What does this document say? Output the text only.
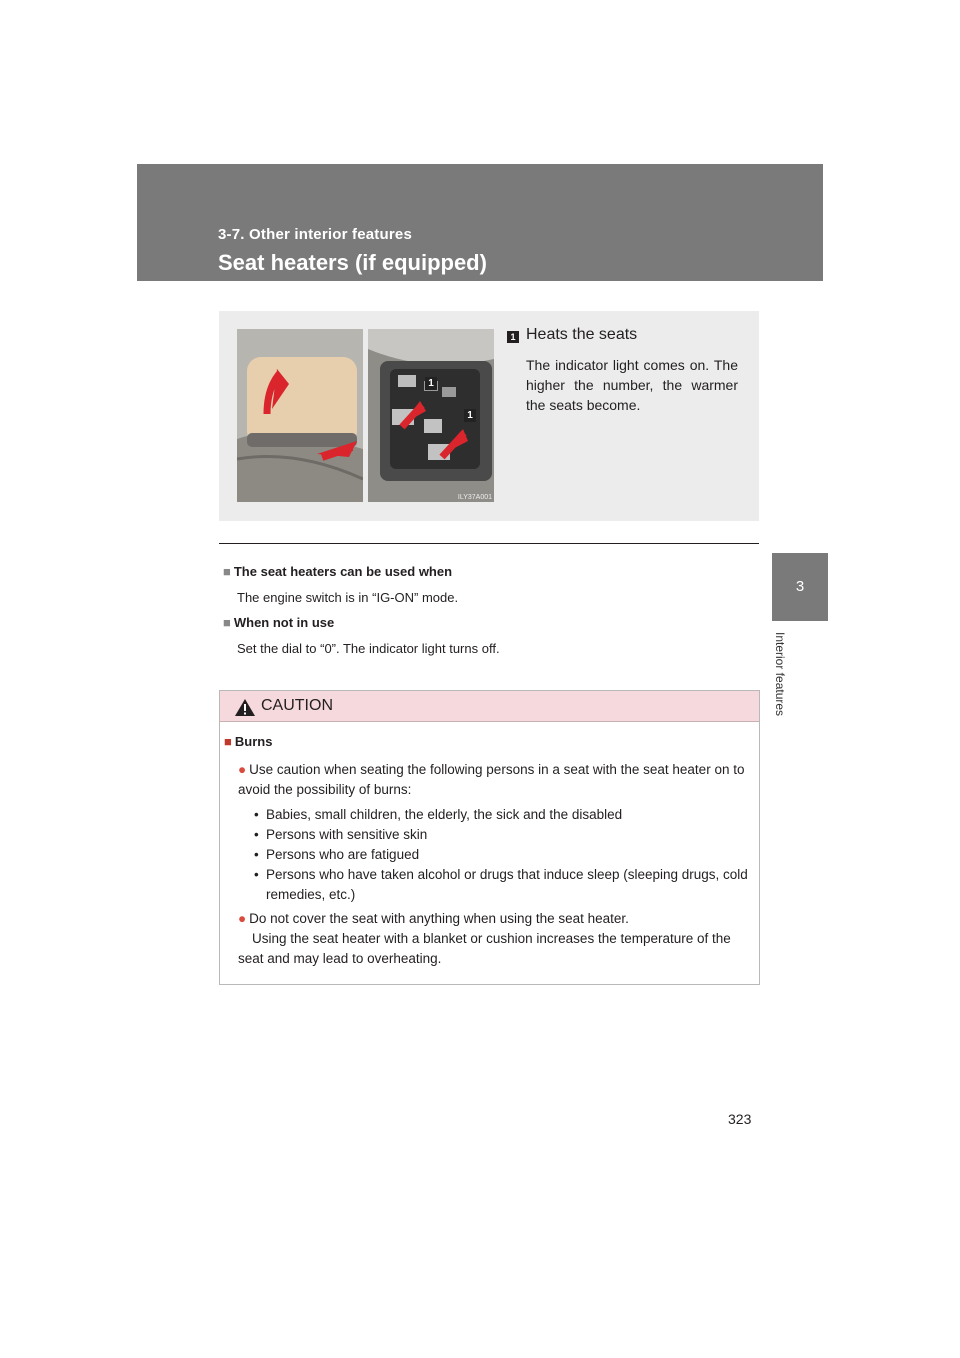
3-7. Other interior features
Seat heaters (if equipped)
3
Interior features
1
1
ILY37A001
1 Heats the seats
The indicator light comes on. The higher the number, the warmer the seats become.
■ The seat heaters can be used when
The engine switch is in “IG-ON” mode.
■ When not in use
Set the dial to “0”. The indicator light turns off.
CAUTION
■ Burns
● Use caution when seating the following persons in a seat with the seat heater on to avoid the possibility of burns:
• Babies, small children, the elderly, the sick and the disabled
• Persons with sensitive skin
• Persons who are fatigued
• Persons who have taken alcohol or drugs that induce sleep (sleeping drugs, cold remedies, etc.)
● Do not cover the seat with anything when using the seat heater.
Using the seat heater with a blanket or cushion increases the temperature of the seat and may lead to overheating.
323
